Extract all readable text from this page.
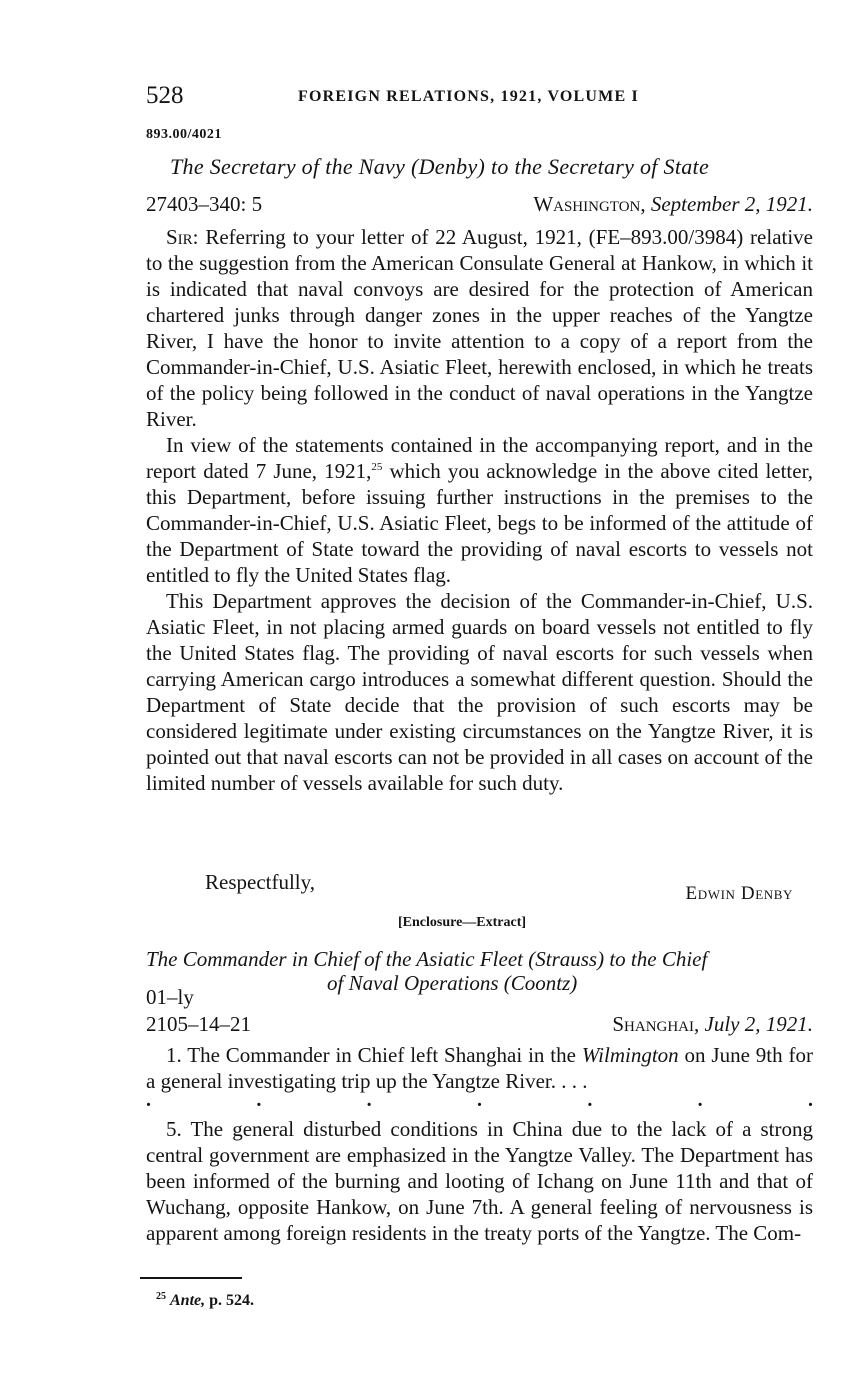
528	FOREIGN RELATIONS, 1921, VOLUME I
893.00/4021
The Secretary of the Navy (Denby) to the Secretary of State
27403–340: 5	Washington, September 2, 1921.

Sir: Referring to your letter of 22 August, 1921, (FE–893.00/3984) relative to the suggestion from the American Consulate General at Hankow, in which it is indicated that naval convoys are desired for the protection of American chartered junks through danger zones in the upper reaches of the Yangtze River, I have the honor to invite attention to a copy of a report from the Commander-in-Chief, U.S. Asiatic Fleet, herewith enclosed, in which he treats of the policy being followed in the conduct of naval operations in the Yangtze River.

In view of the statements contained in the accompanying report, and in the report dated 7 June, 1921,25 which you acknowledge in the above cited letter, this Department, before issuing further instructions in the premises to the Commander-in-Chief, U.S. Asiatic Fleet, begs to be informed of the attitude of the Department of State toward the providing of naval escorts to vessels not entitled to fly the United States flag.

This Department approves the decision of the Commander-in-Chief, U.S. Asiatic Fleet, in not placing armed guards on board vessels not entitled to fly the United States flag. The providing of naval escorts for such vessels when carrying American cargo introduces a somewhat different question. Should the Department of State decide that the provision of such escorts may be considered legitimate under existing circumstances on the Yangtze River, it is pointed out that naval escorts can not be provided in all cases on account of the limited number of vessels available for such duty.

Respectfully,	Edwin Denby
[Enclosure—Extract]
The Commander in Chief of the Asiatic Fleet (Strauss) to the Chief
of Naval Operations (Coontz)
01–ly
2105–14–21	Shanghai, July 2, 1921.

1. The Commander in Chief left Shanghai in the Wilmington on June 9th for a general investigating trip up the Yangtze River. . . .

.	.	.	.	.	.	.

5. The general disturbed conditions in China due to the lack of a strong central government are emphasized in the Yangtze Valley. The Department has been informed of the burning and looting of Ichang on June 11th and that of Wuchang, opposite Hankow, on June 7th. A general feeling of nervousness is apparent among foreign residents in the treaty ports of the Yangtze. The Com-

$^{25}$ Ante, p. 524.
